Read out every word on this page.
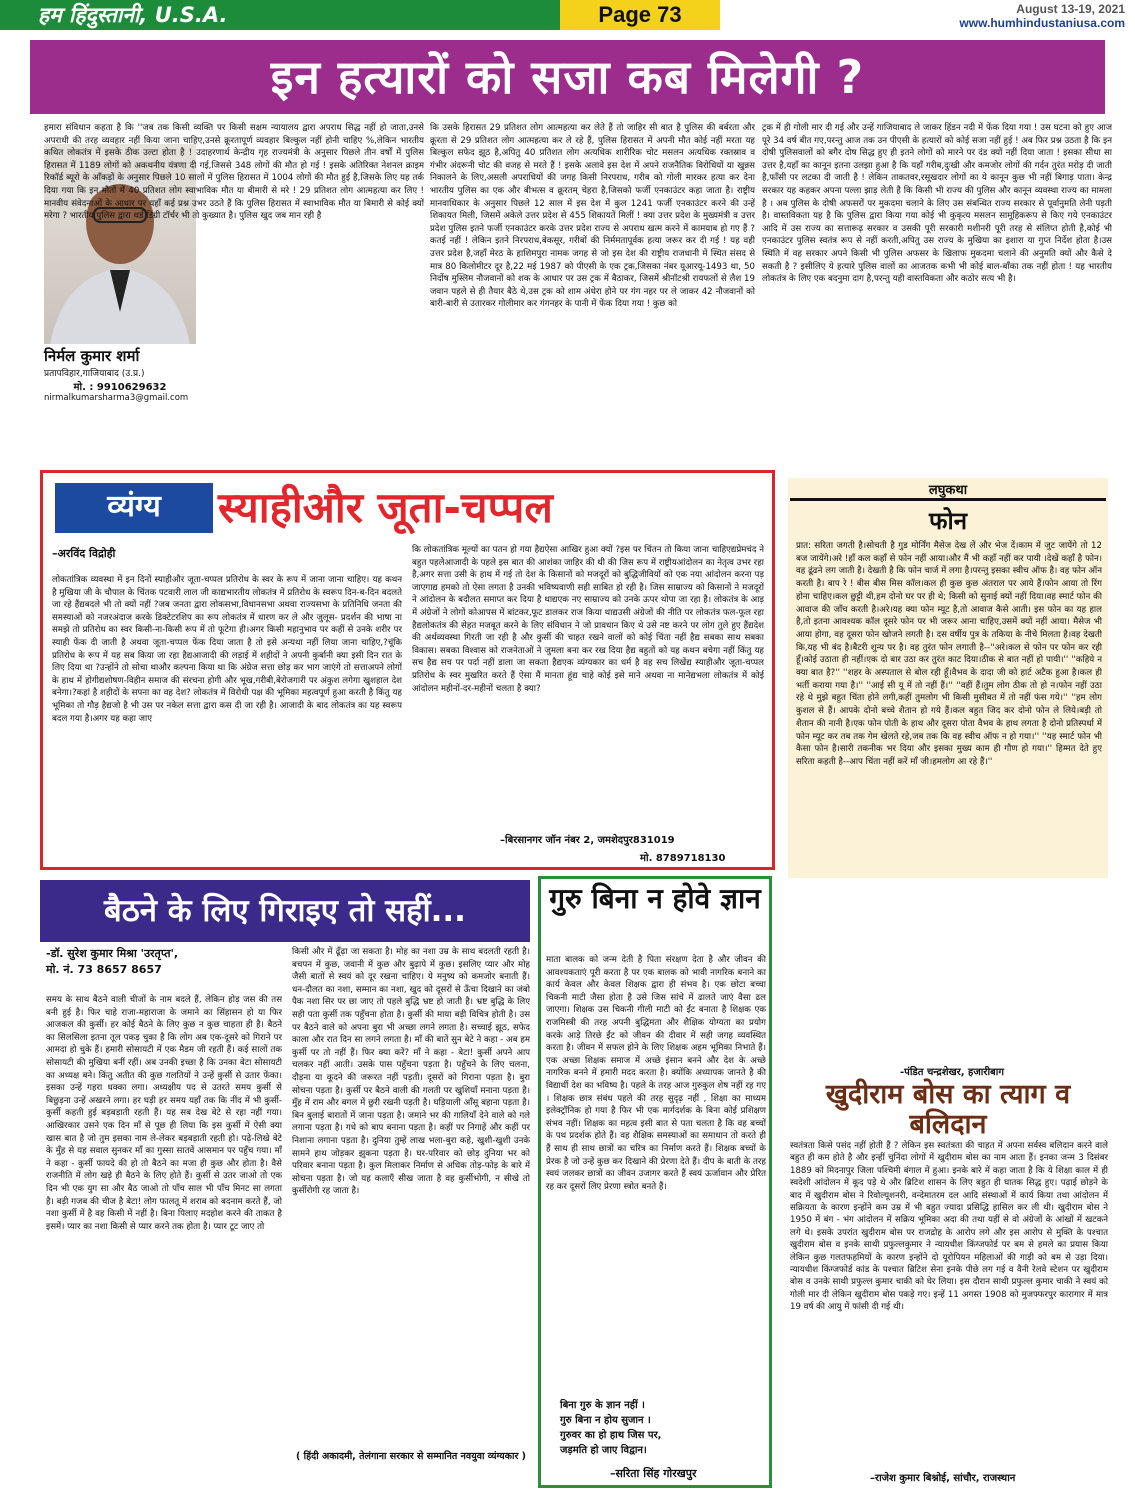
हम हिंदुस्तानी, U.S.A.	Page 73	August 13-19, 2021
www.humhindustaniusa.com
इन हत्यारों को सजा कब मिलेगी ?
निर्मल कुमार शर्मा
प्रतापविहार,गाजियाबाद (उ.प्र.)
मो. : 9910629632
nirmalkumarsharma3@gmail.com
हमारा संविधान कहता है कि ''जब तक किसी व्यक्ति पर किसी सक्षम न्यायालय द्वारा अपराध सिद्ध नहीं हो जाता,उनसे अपराधी की तरह व्यवहार नहीं किया जाना चाहिए,उनसे क्रूरतापूर्ण व्यवहार बिल्कुल नहीं होनी चाहिए %,लेकिन भारतीय कथित लोकतंत्र में इसके ठीक उल्टा होता है ! उदाहरणार्थ केन्द्रीय गृह राज्यमंत्री के अनुसार पिछले तीन वर्षों में पुलिस हिरासत में 1189 लोगों को अकथनीय यंत्रणा दी गई,जिससे 348 लोगों की मौत हो गई ! इसके अतिरिक्त नेशनल क्राइम रिकॉर्ड ब्यूरो के आँकड़ों के अनुसार पिछले 10 सालों में पुलिस हिरासत में 1004 लोगों की मौत हुई है,जिसके लिए यह तर्क दिया गया कि इन मौतों में 40 प्रतिशत लोग स्वाभाविक मौत या बीमारी से मरे ! 29 प्रतिशत लोग आत्महत्या कर लिए ! मानवीय संवेदनाओं के आधार पर यहाँ कई प्रश्न उभर उठते हैं कि पुलिस हिरासत में स्वाभाविक मौत या बिमारी से कोई क्यों मरेगा ? भारतीय पुलिस द्वारा थर्ड डिग्री टॉर्चर भी तो कुख्यात है। पुलिस खुद जब मान रही है
कि उसके हिरासत 29 प्रतिशत लोग आत्महत्या कर लेते हैं तो जाहिर सी बात है पुलिस की बर्बरता और क्रूरता से 29 प्रतिशत लोग आत्महत्या कर ले रहे हैं, पुलिस हिरासत में अपनी मौत कोई नहीं मरता यह बिल्कुल सफेद झूठ है,अपितु 40 प्रतिशत लोग अत्यधिक शारीरिक चोट मसलन अत्यधिक रक्तस्राव व गंभीर अंदरूनी चोट की वजह से मरते हैं ! इसके अलावे इस देश में अपने राजनैतिक विरोधियों या खुन्नस निकालने के लिए,असली अपराधियों की जगह किसी निरपराध, गरीब को गोली मारकर हत्या कर देना भारतीय पुलिस का एक और बीभत्स व क्रूरतम् चेहरा है,जिसको फर्जी एनकाउंटर कहा जाता है। राष्ट्रीय मानवाधिकार के अनुसार पिछले 12 साल में इस देश में कुल 1241 फर्जी एनकाउंटर करने की उन्हें शिकायत मिली, जिसमें अकेले उत्तर प्रदेश से 455 शिकायतें मिलीं ! क्या उत्तर प्रदेश के मुख्यमंत्री व उत्तर प्रदेश पुलिस इतने फर्जी एनकाउंटर करके उत्तर प्रदेश राज्य से अपराध खत्म करने में कामयाब हो गए हैं ? कतई नहीं ! लेकिन इतने निरपराध,बेकसूर, गरीबों की निर्ममतापूर्वक हत्या जरूर कर दी गई ! यह वही उत्तर प्रदेश है,जहाँ मेरठ के हाशिमपुरा नामक जगह से जो इस देश की राष्ट्रीय राजधानी में स्थित संसद से मात्र 80 किलोमीटर दूर है,22 मई 1987 को पीएसी के एक ट्रक,जिसका नंबर यूआरयू-1493 था, 50 निर्दोष मुस्लिम नौजवानों को शक के आधार पर उस ट्रक में बैठाकर, जिसमें श्रीनॉटश्री रायफलों से लैश 19 जवान पहले से ही तैयार बैठे थे,उस ट्रक को शाम अंधेरा होने पर गंग नहर पर ले जाकर 42 नौजवानों को बारी-बारी से उतारकर गोलीमार कर गंगनहर के पानी में फेंक दिया गया ! कुछ को
ट्रक में ही गोली मार दी गई और उन्हें गाजियाबाद ले जाकर हिंडन नदी में फेंक दिया गया ! उस घटना को हुए आज पूरे 34 वर्ष बीत गए,परन्तु आज तक उन पीएसी के हत्यारों को कोई सजा नहीं हुई ! अब फिर प्रश्न उठता है कि इन दोषी पुलिसवालों को बगैर दोष सिद्ध हुए ही इतने लोगों को मारने पर दंड क्यों नहीं दिया जाता ! इसका सीधा सा उत्तर है,यहाँ का कानून इतना उलझा हुआ है कि यहाँ गरीब,दुःखी और कमजोर लोगों की गर्दन तुरंत मरोड़ दी जाती है,फाँसी पर लटका दी जाती है ! लेकिन ताकतवर,रसूखदार लोगों का ये कानून कुछ भी नहीं बिगाड़ पाता। केन्द्र सरकार यह कहकर अपना पल्ला झाड़ लेती है कि किसी भी राज्य की पुलिस और कानून व्यवस्था राज्य का मामला है । अब पुलिस के दोषी अफसरों पर मुकदमा चलाने के लिए उस संबन्धित राज्य सरकार से पूर्वानुमति लेनी पड़ती है। वास्तविकता यह है कि पुलिस द्वारा किया गया कोई भी कुकृत्य मसलन सामूहिकरूप से किए गये एनकाउंटर आदि में उस राज्य का सत्तारूढ़ सरकार व उसकी पूरी सरकारी मशीनरी पूरी तरह से संलिप्त होती है,कोई भी एनकाउंटर पुलिस स्वतंत्र रूप से नहीं करती,अपितु उस राज्य के मुखिया का इशारा या गुप्त निर्देश होता है।उस स्थिति में वह सरकार अपने किसी भी पुलिस अफसर के खिलाफ मुकदमा चलाने की अनुमति क्यों और कैसे दे सकती है ? इसीलिए ये हत्यारे पुलिस वालों का आजतक कभी भी कोई बाल-बाँका तक नहीं होता ! यह भारतीय लोकतंत्र के लिए एक बदनुमा दाग है,परन्तु यही वास्तविकता और कठोर सत्य भी है।
व्यंग्य	स्याहीऔर जूता-चप्पल
–अरविंद विद्रोही
लोकतांत्रिक व्यवस्था में इन दिनों स्याहीऔर जूता-चप्पल प्रतिरोध के स्वर के रूप में जाना जाना चाहिए। यह कथन है मुखिया जी के चौपाल के चिंतक पटवारी लाल जी काद्यभारतीय लोकतंत्र में प्रतिरोध के स्वरूप दिन-ब-दिन बदलते जा रहे हैंद्यबदले भी तो क्यों नहीं ?जब जनता द्वारा लोकसभा,विधानसभा अथवा राज्यसभा के प्रतिनिधि जनता की समस्याओं को नजरअंदाज करके डिक्टेटरशिप का रूप लोकतंत्र में धारण कर ले और जुलूस- प्रदर्शन की भाषा ना समझे तो प्रतिरोध का स्वर किसी-ना-किसी रूप में तो फूटेगा ही।अगर किसी महानुभाव पर कहीं से उनके शरीर पर स्याही फेंक दी जाती है अथवा जूता-चप्पल फेंक दिया जाता है तो इसे अन्यथा नहीं लिया जाना चाहिए,?चूंकि प्रतिरोध के रूप में यह सब किया जा रहा हैद्यआजादी की लड़ाई में शहीदों ने अपनी कुर्बानी क्या इसी दिन रात के लिए दिया था ?उन्होंने तो सोचा थाऔर कल्पना किया था कि अंग्रेज सत्ता छोड़ कर भाग जाएंगे तो सत्ताअपने लोगों के हाथ में होगीद्यशोषण-विहीन समाज की संरचना होगी और भूख,गरीबी,बेरोजगारी पर अंकुश लगेगा खुशहाल देश बनेगा।?कहां है शहीदों के सपना का वह देश? लोकतंत्र में विरोधी पक्ष की भूमिका महत्वपूर्ण हुआ करती है किंतु यह भूमिका तो गौड़ हैद्यजो है भी उस पर नकेल सत्ता द्वारा कस दी जा रही है। आजादी के बाद लोकतंत्र का यह स्वरूप बदल गया है।अगर यह कहा जाए
कि लोकतांत्रिक मूल्यों का पतन हो गया हैद्यऐसा आखिर हुआ क्यों ?इस पर चिंतन तो किया जाना चाहिएद्यप्रेमचंद ने बहुत पहलेआजादी के पहले इस बात की आशंका जाहिर की थी की जिस रूप में राष्ट्रीयआंदोलन का नेतृत्व उभर रहा है,अगर सत्ता उसी के हाथ में गई तो देश के किसानों को मजदूरों को बुद्धिजीवियों को एक नया आंदोलन करना पड़ जाएगाद्य हमको तो ऐसा लगता है उनकी भविष्यवाणी सही साबित हो रही है। जिस साम्राज्य को किसानों ने मजदूरों ने आंदोलन के बदौलत समाप्त कर दिया है थाद्यएक नए साम्राज्य को उनके ऊपर थोपा जा रहा है। लोकतंत्र के आड़ में अंग्रेजों ने लोगों कोआपस में बांटकर,फूट डालकर राज किया थाद्यउसी अंग्रेजों की नीति पर लोकतंत्र फल-फूल रहा हैद्यलोकतंत्र की सेहत मजबूत करने के लिए संविधान ने जो प्रावधान किए थे उसे नष्ट करने पर लोग तुले हुए हैंद्यदेश की अर्थव्यवस्था गिरती जा रही है और कुर्सी की चाहत रखने वालों को कोई चिंता नहीं हैद्य सबका साथ सबका विकास। सबका विश्वास को राजनेताओं ने जुमला बना कर रख दिया हैद्य बहुतों को यह कथन बचेगा नहीं किंतु यह सच हैद्य सच पर पर्दा नहीं डाला जा सकता हैद्यएक व्यंग्यकार का धर्म है वह सच लिखेंद्य स्याहीऔर जूता-चप्पल प्रतिरोध के स्वर मुखरित करते हैं ऐसा मैं मानता हूंद्य चाहे कोई इसे माने अथवा ना मानेद्यभला लोकतंत्र में कोई आंदोलन महीनों-दर-महीनों चलता है क्या?
–बिरसानगर जॉन नंबर 2, जमशेदपुर831019
मो. 8789718130
लघुकथा
फोन
प्रात: सरिता जगती है।सोचती है गुड मोर्निंग मैसेज देख लें और भेज दें।काम में जुट जायेंगे तो 12 बज जायेंगे।अरे !हाँ कल कहाँ से फोन नहीं आया।और मैं भी कहाँ नहीं कर पायी ।देखें कहाँ है फोन।वह ढूंढने लग जाती है। देखती है कि फोन चार्ज में लगा है।परन्तु इसका स्वीच ऑफ है। वह फोन ऑन करती है। बाप रे ! बीस बीस मिस कॉल।कल ही कुछ कुछ अंतराल पर आये हैं।फोन आया तो रिंग होना चाहिए।कल छुट्टी थी,हम दोनो घर पर ही थे; किसी को सुनाई क्यों नहीं दिया।वह स्मार्ट फोन की आवाज की जाँच करती है।अरे।यह क्या फोन म्यूट है,तो आवाज कैसे आती। इस फोन का यह हाल है,तो इतना आवश्यक कॉल दूसरे फोन पर भी जरूर आना चाहिए,उसमें क्यों नहीं आया। मैसेज भी आया होगा, वह दूसरा फोन खोजने लगती है। दस वर्षीय पुत्र के तकिया के नीचे मिलता है।वह देखती कि,यह भी बंद है।बैटरी शुन्य पर है। वह तुरंत फोन लगाती है--''अरे।कल से फोन पर फोन कर रही हूँ।कोई उठाता ही नहीं।एक दो बार उठा कर तुरंत काट दिया।ठीक से बात नहीं हो पायी।'' ''कहिये न क्या बात है?'' ''शहर के अस्पताल से बोल रही हूँ।वैभव के दादा जी को हार्ट अटैक हुआ है।कल ही भर्ती कराया गया है।'' ''आई सी यू में तो नहीं हैं।'' ''वहीं हैं।तुम लोग ठीक तो हो न।फोन नहीं उठा रहे थे मुझे बहुत चिंता होने लगी,कहीं तुमलोग भी किसी मुसीबत में तो नहीं फंस गये।'' ''हम लोग कुशल से हैं। आपके दोनो बच्चे शैतान हो गये हैं।कल बहुत जिद कर दोनो फोन ले लिये।बड़ी तो शैतान की नानी है।एक फोन पोती के हाथ और दूसरा पोता वैभव के हाथ लगता है दोनो प्रतिस्पर्धा में फोन म्यूट कर तब तक गेम खेलते रहे,जब तक कि वह स्वीच ऑफ न हो गया।'' ''यह स्मार्ट फोन भी कैसा फोन है।सारी तकनीक भर दिया और इसका मुख्य काम ही गौण हो गया।'' हिम्मत देते हुए सरिता कहती है--आप चिंता नहीं करें माँ जी।हमलोग आ रहे हैं।''
-पंडित चन्द्रशेखर, हजारीबाग
खुदीराम बोस का त्याग व बलिदान
स्वतंत्रता किसे पसंद नहीं होती हैं ? लेकिन इस स्वतंत्रता की चाहत में अपना सर्वस्व बलिदान करने वाले बहुत ही कम होते है और इन्हीं चुनिंदा लोगों में खुदीराम बोस का नाम आता हैं। इनका जन्म 3 दिसंबर 1889 को मिदनापुर जिला पश्चिमी बंगाल में हुआ। इनके बारे में कहा जाता है कि ये शिक्षा काल में ही स्वदेशी आंदोलन में कूद पड़े थे और ब्रिटिश शासन के लिए बहुत ही घातक सिद्ध हुए। पढ़ाई छोड़ने के बाद में खुदीराम बोस ने रिवोल्यूशनरी, वन्देमातरम दल आदि संस्थाओं में कार्य किया तथा आंदोलन में सक्रियता के कारण इन्होंने कम उम्र में भी बहुत ज्यादा प्रसिद्धि हासिल कर ली थी। खुदीराम बोस ने 1950 में बंग - भंग आंदोलन में सक्रिय भूमिका अदा की तथा यहीं से वो अंग्रेजों के आंखों में खटकने लगे थे। इसके उपरांत खुदीराम बोस पर राजद्रोह के आरोप लगे और इस आरोप से मुक्ति के पश्चात खुदीराम बोस व इनके साथी प्रफुल्लकुमार ने न्यायधीश किंग्जफोर्ड पर बम से हमले का प्रयास किया लेकिन कुछ गलतफहमियों के कारण इन्होंने दो यूरोपियन महिलाओं की गाड़ी को बम से उड़ा दिया। न्यायधीश किंग्जफोर्ड कांड के पश्चात ब्रिटिश सेना इनके पीछे लग गई व वैनी रेलवे स्टेशन पर खुदीराम बोस व उनके साथी प्रफुल्ल कुमार चाकी को घेर लिया। इस दौरान साथी प्रफुल्ल कुमार चाकी ने स्वयं को गोली मार दी लेकिन खुदीराम बोस पकड़े गए। इन्हें 11 अगस्त 1908 को मुजफ्फरपुर कारागार में मात्र 19 वर्ष की आयु में फांसी दी गई थी।
–राजेश कुमार बिश्नोई, सांचौर, राजस्थान
बैठने के लिए गिराइए तो सहीं...
-डॉ. सुरेश कुमार मिश्रा 'उरतृप्त',
मो. नं. 73 8657 8657
समय के साथ बैठने वाली चीजों के नाम बदले हैं, लेकिन होड़ जस की तस बनी हुई है। फिर चाहे राजा-महाराजा के जमाने का सिंहासन हो या फिर आजकल की कुर्सी। हर कोई बैठने के लिए कुछ न कुछ चाहता ही है। बैठने का सिलसिला इतना तूल पकड़ चुका है कि लोग अब एक-दूसरे को गिराने पर आमदा हो चुके हैं। हमारी सोसायटी में एक मैडम जी रहती हैं। कई सालों तक सोसायटी की मुखिया बनीं रहीं। अब उनकी इच्छा है कि उनका बेटा सोसायटी का अध्यक्ष बने। किंतु अतीत की कुछ गलतियों ने उन्हें कुर्सी से उतार फेंका। इसका उन्हें गहरा धक्का लगा। अध्यक्षीय पद से उतरते समय कुर्सी से बिछुड़ना उन्हें अखरने लगा। हर घड़ी हर समय यहाँ तक कि नींद में भी कुर्सी-कुर्सी कहती हुई बड़बड़ाती रहती हैं। यह सब देख बेटे से रहा नहीं गया। आखिरकार उसने एक दिन माँ से पूछ ही लिया कि इस कुर्सी में ऐसी क्या खास बात है जो तुम इसका नाम ले-लेकर बड़बड़ाती रहती हो। पढ़े-लिखे बेटे के मुँह से यह सवाल सुनकर माँ का गुस्सा सातवें आसमान पर पहुँच गया। माँ ने कहा - कुर्सी फायदे की हो तो बैठने का मजा ही कुछ और होता है। वैसे राजनीति में लोग खड़े ही बैठने के लिए होते हैं। कुर्सी से उतर जाओ तो एक दिन भी एक युग सा और बैठ जाओ तो पाँच साल भी पाँच मिनट सा लगता है। बड़ी गजब की चीज है बेटा! लोग फालतू में शराब को बदनाम करते हैं, जो नशा कुर्सी में है वह किसी में नहीं है। बिना पिलाए मदहोश करने की ताकत है इसमें। प्यार का नशा किसी से प्यार करने तक होता है। प्यार टूट जाए तो
किसी और में ढूँढ़ा जा सकता है। मोह का नशा उम्र के साथ बदलती रहती है। बचपन में कुछ, जवानी में कुछ और बुढ़ापे में कुछ। इसलिए प्यार और मोह जैसी बातों से स्वयं को दूर रखना चाहिए। ये मनुष्य को कमजोर बनाती हैं। धन-दौलत का नशा, सम्मान का नशा, खुद को दूसरों से ऊँचा दिखाने का जंबो पैक नशा सिर पर छा जाए तो पहले बुद्धि भ्रष्ट हो जाती है। भ्रष्ट बुद्धि के लिए सही पता कुर्सी तक पहुँचना होता है। कुर्सी की माया बड़ी विचित्र होती है। उस पर बैठने वाले को अपना बुरा भी अच्छा लगने लगता है। सच्चाई झूठ, सफेद काला और रात दिन सा लगने लगता है। माँ की बातें सुन बेटे ने कहा - अब हम कुर्सी पर तो नहीं हैं। फिर क्या करें? माँ ने कहा - बेटा! कुर्सी अपने आप चलकर नहीं आती। उसके पास पहुँचना पड़ता है। पहुँचने के लिए चलना, दौड़ना या कूदने की जरूरत नहीं पड़ती। दूसरों को गिराना पड़ता है। बुरा सोचना पड़ता है। कुर्सी पर बैठने वाली की गलती पर खुशियाँ मनाना पड़ता है। मुँह में राम और बगल में छुरी रखनी पड़ती है। घड़ियाली आँसू बहाना पड़ता है। बिन बुलाई बारातों में जाना पड़ता है। जमाने भर की गालियाँ देने वाले को गले लगाना पड़ता है। गधे को बाप बनाना पड़ता है। कहीं पर निगाहें और कहीं पर निशाना लगाना पड़ता है। दुनिया तुम्हें लाख भला-बुरा कहे, खुशी-खुशी उनके सामने हाथ जोड़कर झुकना पड़ता है। घर-परिवार को छोड़ दुनिया भर को परिवार बनाना पड़ता है। कुल मिलाकर निर्माण से अधिक तोड़-फोड़ के बारे में सोचना पड़ता है। जो यह कलाएँ सीख जाता है वह कुर्सीभोगी, न सीखे तो कुर्सीरोगी रह जाता है।
( हिंदी अकादमी, तेलंगाना सरकार से सम्मानित नवयुवा व्यंग्यकार )
गुरु बिना न होवे ज्ञान
माता बालक को जन्म देती है पिता संरक्षण देता है और जीवन की आवश्यकताएं पूरी करता है पर एक बालक को भावी नागरिक बनाने का कार्य केवल और केवल शिक्षक द्वारा ही संभव है। एक छोटा बच्चा चिकनी माटी जैसा होता है उसे जिस सांचे में ढालते जाएं वैसा ढल जाएगा। शिक्षक उस चिकनी गीली माटी को ईंट बनाता है शिक्षक एक राजमिस्त्री की तरह अपनी बुद्धिमता और शैक्षिक योग्यता का प्रयोग करके आड़े तिरछे ईंट को जीवन की दीवार में सही जगह व्यवस्थित करता है। जीवन में सफल होने के लिए शिक्षक अहम भूमिका निभाते हैं। एक अच्छा शिक्षक समाज में अच्छे इंसान बनने और देश के अच्छे नागरिक बनने में हमारी मदद करता है। क्योंकि अध्यापक जानते है की विद्यार्थी देश का भविष्य है। पहले के तरह आज गुरुकुल शेष नहीं रह गए । शिक्षक छात्र संबंध पहले की तरह सुदृढ़ नहीं , शिक्षा का माध्यम इलेक्ट्रॉनिक हो गया है फिर भी एक मार्गदर्शक के बिना कोई प्रशिक्षण संभव नहीं। शिक्षक का महत्व इसी बात से पता चलता है कि वह बच्चों के पथ प्रदर्शक होते हैं। वह शैक्षिक समस्याओं का समाधान तो करते ही हैं साथ ही साथ छात्रों का चरित्र का निर्माण करते हैं। शिक्षक बच्चों के प्रेरक है जो उन्हें कुछ कर दिखाने की प्रेरणा देते हैं। दीप के बाती के तरह स्वयं जलकर छात्रों का जीवन उजागर करते हैं स्वयं ऊर्जावान और प्रेरित रह कर दूसरों लिए प्रेरणा स्त्रोत बनते हैं।
बिना गुरु के ज्ञान नहीं ।
गुरु बिना न होय सुजान ।
गुरुवर का हो हाथ जिस पर,
जड़मति हो जाए विद्वान।
–सरिता सिंह गोरखपुर
